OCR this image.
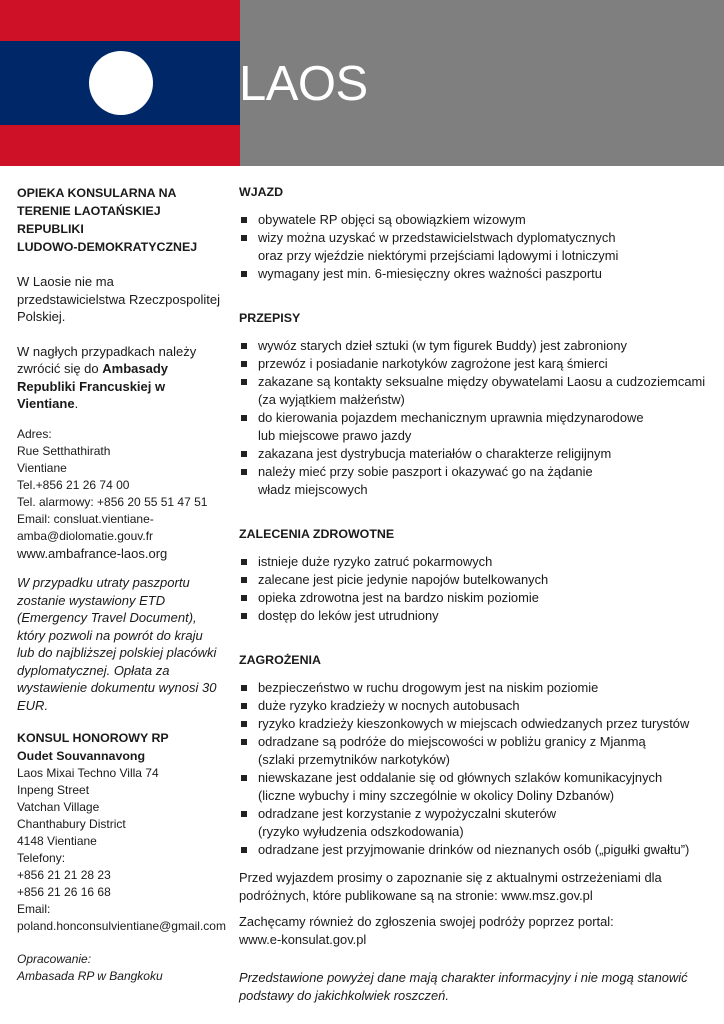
LAOS
OPIEKA KONSULARNA NA
TERENIE LAOTAŃSKIEJ REPUBLIKI
LUDOWO-DEMOKRATYCZNEJ
W Laosie nie ma
przedstawicielstwa Rzeczpospolitej
Polskiej.
W nagłych przypadkach należy
zwrócić się do Ambasady
Republiki Francuskiej w Vientiane.
Adres:
Rue Setthathirath
Vientiane
Tel.+856 21 26 74 00
Tel. alarmowy: +856 20 55 51 47 51
Email: consluat.vientiane-
amba@diolomatie.gouv.fr
www.ambafrance-laos.org
W przypadku utraty paszportu
zostanie wystawiony ETD
(Emergency Travel Document),
który pozwoli na powrót do kraju
lub do najbliższej polskiej placówki
dyplomatycznej. Opłata za
wystawienie dokumentu wynosi 30
EUR.
KONSUL HONOROWY RP
Oudet Souvannavong
Laos Mixai Techno Villa 74
Inpeng Street
Vatchan Village
Chanthabury District
4148 Vientiane
Telefony:
+856 21 21 28 23
+856 21 26 16 68
Email:
poland.honconsulvientiane@gmail.com
Opracowanie:
Ambasada RP w Bangkoku
WJAZD
obywatele RP objęci są obowiązkiem wizowym
wizy można uzyskać w przedstawicielstwach dyplomatycznych
oraz przy wjeździe niektórymi przejściami lądowymi i lotniczymi
wymagany jest min. 6-miesięczny okres ważności paszportu
PRZEPISY
wywóz starych dzieł sztuki (w tym figurek Buddy) jest zabroniony
przewóz i posiadanie narkotyków zagrożone jest karą śmierci
zakazane są kontakty seksualne między obywatelami Laosu a cudzoziemcami
(za wyjątkiem małżeństw)
do kierowania pojazdem mechanicznym uprawnia międzynarodowe
lub miejscowe prawo jazdy
zakazana jest dystrybucja materiałów o charakterze religijnym
należy mieć przy sobie paszport i okazywać go na żądanie
władz miejscowych
ZALECENIA ZDROWOTNE
istnieje duże ryzyko zatruć pokarmowych
zalecane jest picie jedynie napojów butelkowanych
opieka zdrowotna jest na bardzo niskim poziomie
dostęp do leków jest utrudniony
ZAGROŻENIA
bezpieczeństwo w ruchu drogowym jest na niskim poziomie
duże ryzyko kradzieży w nocnych autobusach
ryzyko kradzieży kieszonkowych w miejscach odwiedzanych przez turystów
odradzane są podróże do miejscowości w pobliżu granicy z Mjanmą
(szlaki przemytników narkotyków)
niewskazane jest oddalanie się od głównych szlaków komunikacyjnych
(liczne wybuchy i miny szczególnie w okolicy Doliny Dzbanów)
odradzane jest korzystanie z wypożyczalni skuterów
(ryzyko wyłudzenia odszkodowania)
odradzane jest przyjmowanie drinków od nieznanych osób („pigułki gwałtu”)
Przed wyjazdem prosimy o zapoznanie się z aktualnymi ostrzeżeniami dla
podróżnych, które publikowane są na stronie: www.msz.gov.pl
Zachęcamy również do zgłoszenia swojej podróży poprzez portal:
www.e-konsulat.gov.pl
Przedstawione powyżej dane mają charakter informacyjny i nie mogą stanowić
podstawy do jakichkolwiek roszczeń.
